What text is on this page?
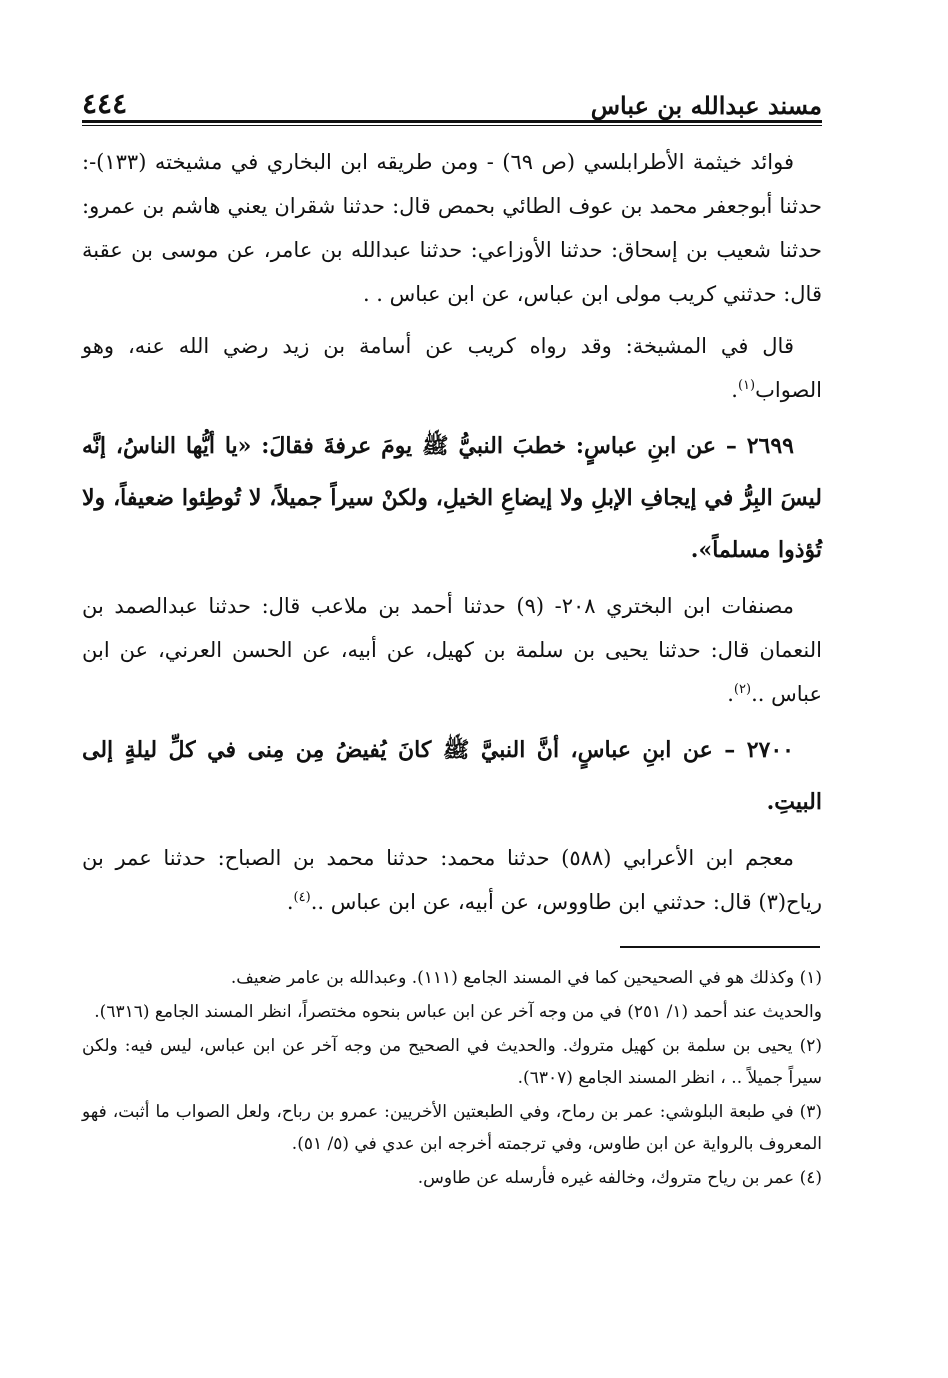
٤٤٤	مسند عبدالله بن عباس

فوائد خيثمة الأطرابلسي (ص ٦٩) - ومن طريقه ابن البخاري في مشيخته (١٣٣)-: حدثنا أبوجعفر محمد بن عوف الطائي بحمص قال: حدثنا شقران يعني هاشم بن عمرو: حدثنا شعيب بن إسحاق: حدثنا الأوزاعي: حدثنا عبدالله بن عامر، عن موسى بن عقبة قال: حدثني كريب مولى ابن عباس، عن ابن عباس . .

قال في المشيخة: وقد رواه كريب عن أسامة بن زيد رضي الله عنه، وهو الصواب$^{(١)}$.

٢٦٩٩ – عن ابنِ عباسٍ: خطبَ النبيُّ ﷺ يومَ عرفةَ فقالَ: «يا أيُّها الناسُ، إنَّه ليسَ البِرُّ في إيجافِ الإبلِ ولا إيضاعِ الخيلِ، ولكنْ سيراً جميلاً، لا تُوطِئوا ضعيفاً، ولا تُؤذوا مسلماً».

مصنفات ابن البختري ٢٠٨- (٩) حدثنا أحمد بن ملاعب قال: حدثنا عبدالصمد بن النعمان قال: حدثنا يحيى بن سلمة بن كهيل، عن أبيه، عن الحسن العرني، عن ابن عباس ..$^{(٢)}$.

٢٧٠٠ – عن ابنِ عباسٍ، أنَّ النبيَّ ﷺ كانَ يُفيضُ مِن مِنى في كلِّ ليلةٍ إلى البيتِ.

معجم ابن الأعرابي (٥٨٨) حدثنا محمد: حدثنا محمد بن الصباح: حدثنا عمر بن رياح(٣) قال: حدثني ابن طاووس، عن أبيه، عن ابن عباس ..$^{(٤)}$.

(١) وكذلك هو في الصحيحين كما في المسند الجامع (١١١). وعبدالله بن عامر ضعيف.

والحديث عند أحمد (١/ ٢٥١) في من وجه آخر عن ابن عباس بنحوه مختصراً، انظر المسند الجامع (٦٣١٦).

(٢) يحيى بن سلمة بن كهيل متروك. والحديث في الصحيح من وجه آخر عن ابن عباس، ليس فيه: ولكن سيراً جميلاً .. ، انظر المسند الجامع (٦٣٠٧).

(٣) في طبعة البلوشي: عمر بن رماح، وفي الطبعتين الأخريين: عمرو بن رباح، ولعل الصواب ما أثبت، فهو المعروف بالرواية عن ابن طاوس، وفي ترجمته أخرجه ابن عدي في (٥/ ٥١).

(٤) عمر بن رياح متروك، وخالفه غيره فأرسله عن طاوس.
